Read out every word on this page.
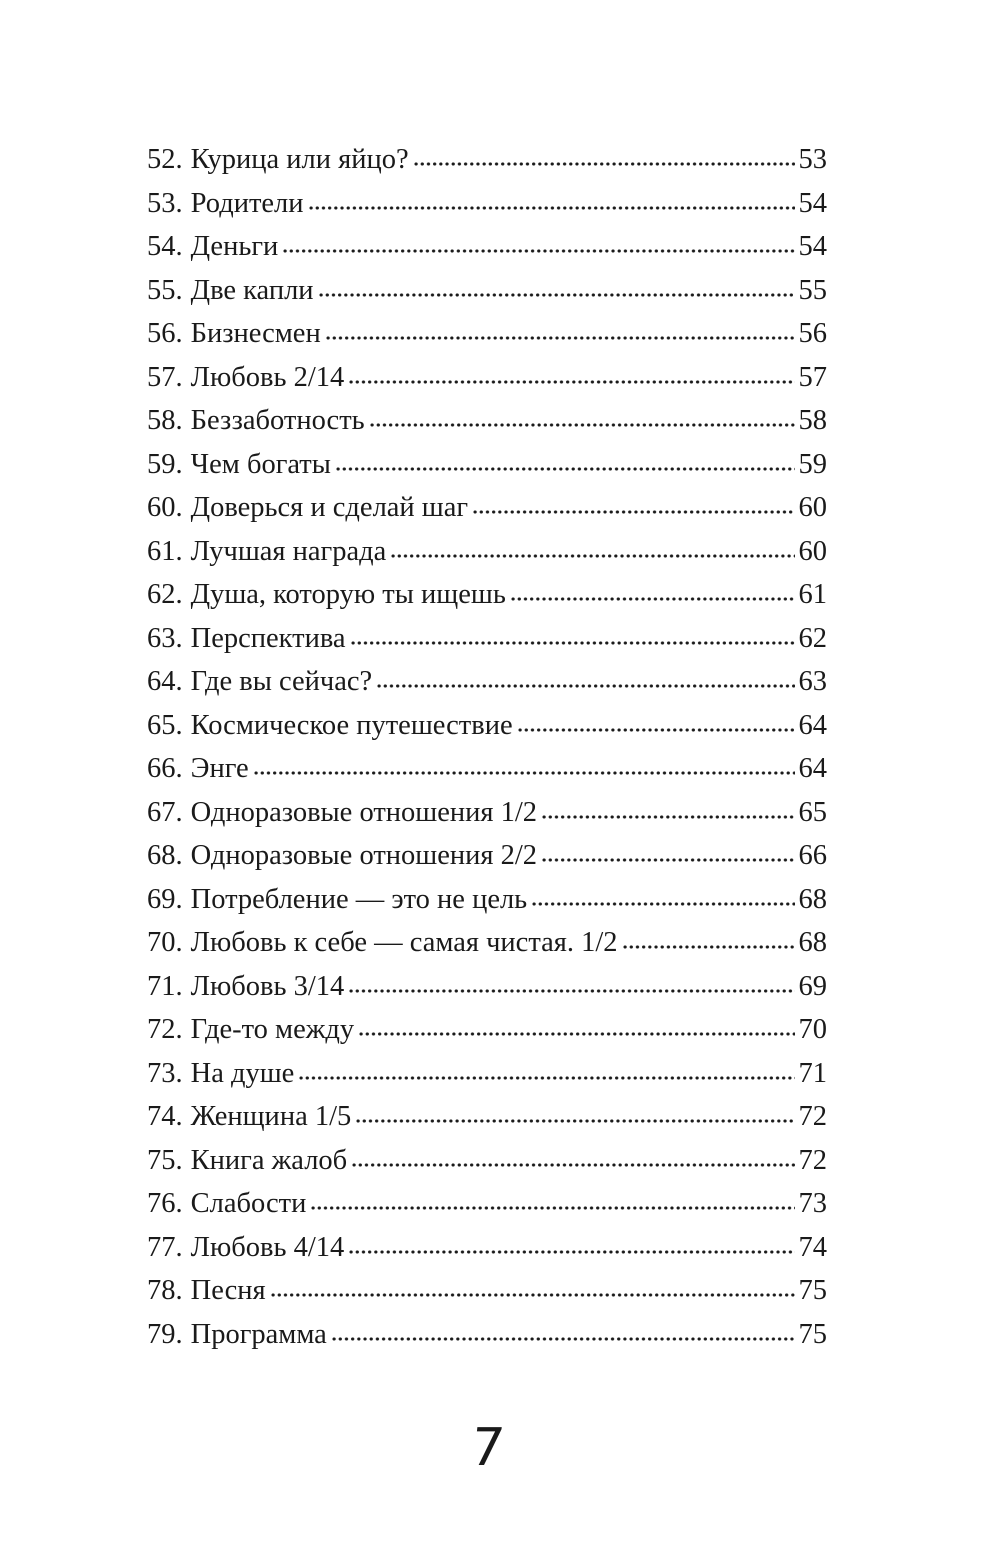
52. Курица или яйцо?	53
53. Родители	54
54. Деньги	54
55. Две капли	55
56. Бизнесмен	56
57. Любовь 2/14	57
58. Беззаботность	58
59. Чем богаты	59
60. Доверься и сделай шаг	60
61. Лучшая награда	60
62. Душа, которую ты ищешь	61
63. Перспектива	62
64. Где вы сейчас?	63
65. Космическое путешествие	64
66. Энге	64
67. Одноразовые отношения 1/2	65
68. Одноразовые отношения 2/2	66
69. Потребление — это не цель	68
70. Любовь к себе — самая чистая. 1/2	68
71. Любовь 3/14	69
72. Где-то между	70
73. На душе	71
74. Женщина 1/5	72
75. Книга жалоб	72
76. Слабости	73
77. Любовь 4/14	74
78. Песня	75
79. Программа	75
7
